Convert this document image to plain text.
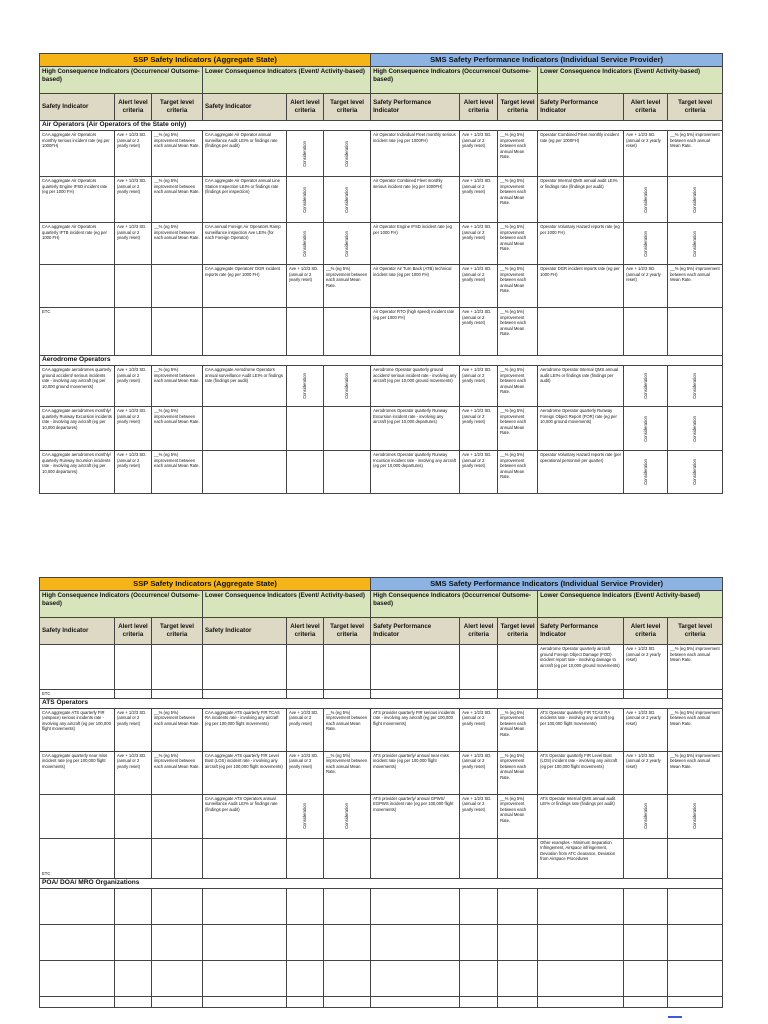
SSP Safety Indicators (Aggregate State)						SMS Safety Performance Indicators (Individual Service Provider)					
High Consequence Indicators (Occurrence/ Outsome-based)			Lower Consequence Indicators (Event/ Activity-based)			High Consequence Indicators (Occurrence/ Outsome-based)			Lower Consequence Indicators (Event/ Activity-based)		
Safety Indicator	Alert level criteria	Target level criteria	Safety Indicator	Alert level criteria	Target level criteria	Safety Performance Indicator	Alert level criteria	Target level criteria	Safety Performance Indicator	Alert level criteria	Target level criteria
Air Operators (Air Operators of the State only)											
CAA aggregate Air Operators monthly serious incident rate (eg per 1000FH)	Ave + 1/2/3 SD. (annual or 2 yearly reset)	__% (eg 5%) improvement between each annual Mean Rate.	CAA aggregate Air Operator annual surveillance Audit LEI% or findings rate (findings per audit)	Consideration	Consideration	Air Operator Individual Fleet monthly serious incident rate (eg per 1000FH)	Ave + 1/2/3 SD. (annual or 2 yearly reset)	__% (eg 5%) improvement between each annual Mean Rate.	Operator Combined Fleet monthly incident rate (eg per 1000FH)	Ave + 1/2/3 SD. (annual or 2 yearly reset)	__% (eg 5%) improvement between each annual Mean Rate.
CAA aggregate Air Operators quarterly Engine IFSD incident rate (eg per 1000 FH)	Ave + 1/2/3 SD. (annual or 2 yearly reset)	__% (eg 5%) improvement between each annual Mean Rate.	CAA aggregate Air Operator annual Line Station Inspection LEI% or findings rate (findings per inspection)	Consideration	Consideration	Air Operator Combined Fleet monthly serious incident rate (eg per 1000FH)	Ave + 1/2/3 SD. (annual or 2 yearly reset)	__% (eg 5%) improvement between each annual Mean Rate.	Operator Internal QMS annual audit LEI% or findings rate (findings per audit)	Consideration	Consideration

CAA aggregate Air Operators quarterly IFTB incident rate (eg per 1000 FH)	Ave + 1/2/3 SD. (annual or 2 yearly reset)	__% (eg 5%) improvement between each annual Mean Rate.	CAA annual Foreign Air Operators Ramp surveillance inspection Ave LEI% (for each Foreign Operator)	Consideration	Consideration	Air Operator Engine IFSD incident rate (eg per 1000 FH)	Ave + 1/2/3 SD. (annual or 2 yearly reset)	__% (eg 5%) improvement between each annual Mean Rate.	Operator Voluntary Hazard reports rate (eg per 1000 FH)	Consideration	Consideration

			CAA aggregate Operators' DGR incident reports rate (eg per 1000 FH)	Ave + 1/2/3 SD. (annual or 2 yearly reset)	__% (eg 5%) improvement between each annual Mean Rate.	Air Operator Air Turn Back (ATB) technical incident rate (eg per 1000 FH)	Ave + 1/2/3 SD. (annual or 2 yearly reset)	__% (eg 5%) improvement between each annual Mean Rate.	Operator DGR incident reports rate (eg per 1000 FH)	Ave + 1/2/3 SD. (annual or 2 yearly reset)	__% (eg 5%) improvement between each annual Mean Rate.
ETC						Air Operator RTO (high speed) incident rate (eg per 1000 FH)	Ave + 1/2/3 SD. (annual or 2 yearly reset)	__% (eg 5%) improvement between each annual Mean Rate.			
Aerodrome Operators											
CAA aggregate aerodromes quarterly ground accident/ serious incidents rate - involving any aircraft (eg per 10,000 ground movements)	Ave + 1/2/3 SD. (annual or 2 yearly reset)	__% (eg 5%) improvement between each annual Mean Rate.	CAA aggregate Aerodrome Operators annual surveillance Audit LEI% or findings rate (findings per audit)	Consideration	Consideration	Aerodrome Operator quarterly ground accident/ serious incident rate - involving any aircraft (eg per 10,000 ground movements)	Ave + 1/2/3 SD. (annual or 2 yearly reset)	__% (eg 5%) improvement between each annual Mean Rate.	Aerodrome Operator Internal QMS annual audit LEI% or findings rate (findings per audit)	Consideration	Consideration

CAA aggregate aerodromes monthly/ quarterly Runway Excursion incidents rate - involving any aircraft (eg per 10,000 departures)	Ave + 1/2/3 SD. (annual or 2 yearly reset)	__% (eg 5%) improvement between each annual Mean Rate.				Aerodromes Operator quarterly Runway Excursion incident rate - involving any aircraft (eg per 10,000 departures)	Ave + 1/2/3 SD. (annual or 2 yearly reset)	__% (eg 5%) improvement between each annual Mean Rate.	Aerodrome Operator quarterly Runway Foreign Object Report (FOR) rate (eg per 10,000 ground movements)	Consideration	Consideration

CAA aggregate aerodromes monthly/ quarterly Runway Incursion incidents rate - involving any aircraft (eg per 10,000 departures)	Ave + 1/2/3 SD. (annual or 2 yearly reset)	__% (eg 5%) improvement between each annual Mean Rate.				Aerodromes Operator quarterly Runway Incursion incident rate - involving any aircraft (eg per 10,000 departures)	Ave + 1/2/3 SD. (annual or 2 yearly reset)	__% (eg 5%) improvement between each annual Mean Rate.	Operator Voluntary Hazard reports rate (per operational personnel per quarter)	Consideration	Consideration
SSP Safety Indicators (Aggregate State)						SMS Safety Performance Indicators (Individual Service Provider)					
High Consequence Indicators (Occurrence/ Outsome-based)			Lower Consequence Indicators (Event/ Activity-based)			High Consequence Indicators (Occurrence/ Outsome-based)			Lower Consequence Indicators (Event/ Activity-based)		
Safety Indicator	Alert level criteria	Target level criteria	Safety Indicator	Alert level criteria	Target level criteria	Safety Performance Indicator	Alert level criteria	Target level criteria	Safety Performance Indicator	Alert level criteria	Target level criteria
									Aerodrome Operator quarterly aircraft ground Foreign Object Damage (FOD) incident report rate - involving damage to aircraft (eg per 10,000 ground movements)	Ave + 1/2/3 SD. (annual or 2 yearly reset)	__% (eg 5%) improvement between each annual Mean Rate.
ETC											
ATS Operators											
CAA aggregate ATS quarterly FIR (airspace) serious incidents rate - involving any aircraft (eg per 100,000 flight movements)	Ave + 1/2/3 SD. (annual or 2 yearly reset)	__% (eg 5%) improvement between each annual Mean Rate.	CAA aggregate ATS quarterly FIR TCAS RA incidents rate - involving any aircraft (eg per 100,000 flight movements)	Ave + 1/2/3 SD. (annual or 2 yearly reset)	__% (eg 5%) improvement between each annual Mean Rate.	ATS provider quarterly FIR serious incidents rate - involving any aircraft (eg per 100,000 flight movements)	Ave + 1/2/3 SD. (annual or 2 yearly reset)	__% (eg 5%) improvement between each annual Mean Rate.	ATS Operator quarterly FIR TCAS RA incidents rate - involving any aircraft (eg per 100,000 flight movements)	Ave + 1/2/3 SD. (annual or 2 yearly reset)	__% (eg 5%) improvement between each annual Mean Rate.
CAA aggregate quarterly near miss incident rate (eg per 100,000 flight movements)	Ave + 1/2/3 SD. (annual or 2 yearly reset)	__% (eg 5%) improvement between each annual Mean Rate.	CAA aggregate ATS quarterly FIR Level Bust (LOS) incident rate - involving any aircraft (eg per 100,000 flight movements)	Ave + 1/2/3 SD. (annual or 2 yearly reset)	__% (eg 5%) improvement between each annual Mean Rate.	ATS provider quarterly/ annual near miss incident rate (eg per 100,000 flight movements)	Ave + 1/2/3 SD. (annual or 2 yearly reset)	__% (eg 5%) improvement between each annual Mean Rate.	ATS Operator quarterly FIR Level Bust (LOS) incident rate - involving any aircraft (eg per 100,000 flight movements)	Ave + 1/2/3 SD. (annual or 2 yearly reset)	__% (eg 5%) improvement between each annual Mean Rate.
			CAA aggregate ATS Operators annual surveillance Audit LEI% or findings rate (findings per audit)	Consideration	Consideration	ATS provider quarterly/ annual GPWS/ EGPWS incident rate (eg per 100,000 flight movements)	Ave + 1/2/3 SD. (annual or 2 yearly reset)	__% (eg 5%) improvement between each annual Mean Rate.	ATS Operator Internal QMS annual audit LEI% or findings rate (findings per audit)	Consideration	Consideration

ETC									Other examples - Minimum Separation Infringement, Airspace infringement, Deviation from ATC clearance, Deviation from Airspace Procedures		
POA/ DOA/ MRO Organizations											
